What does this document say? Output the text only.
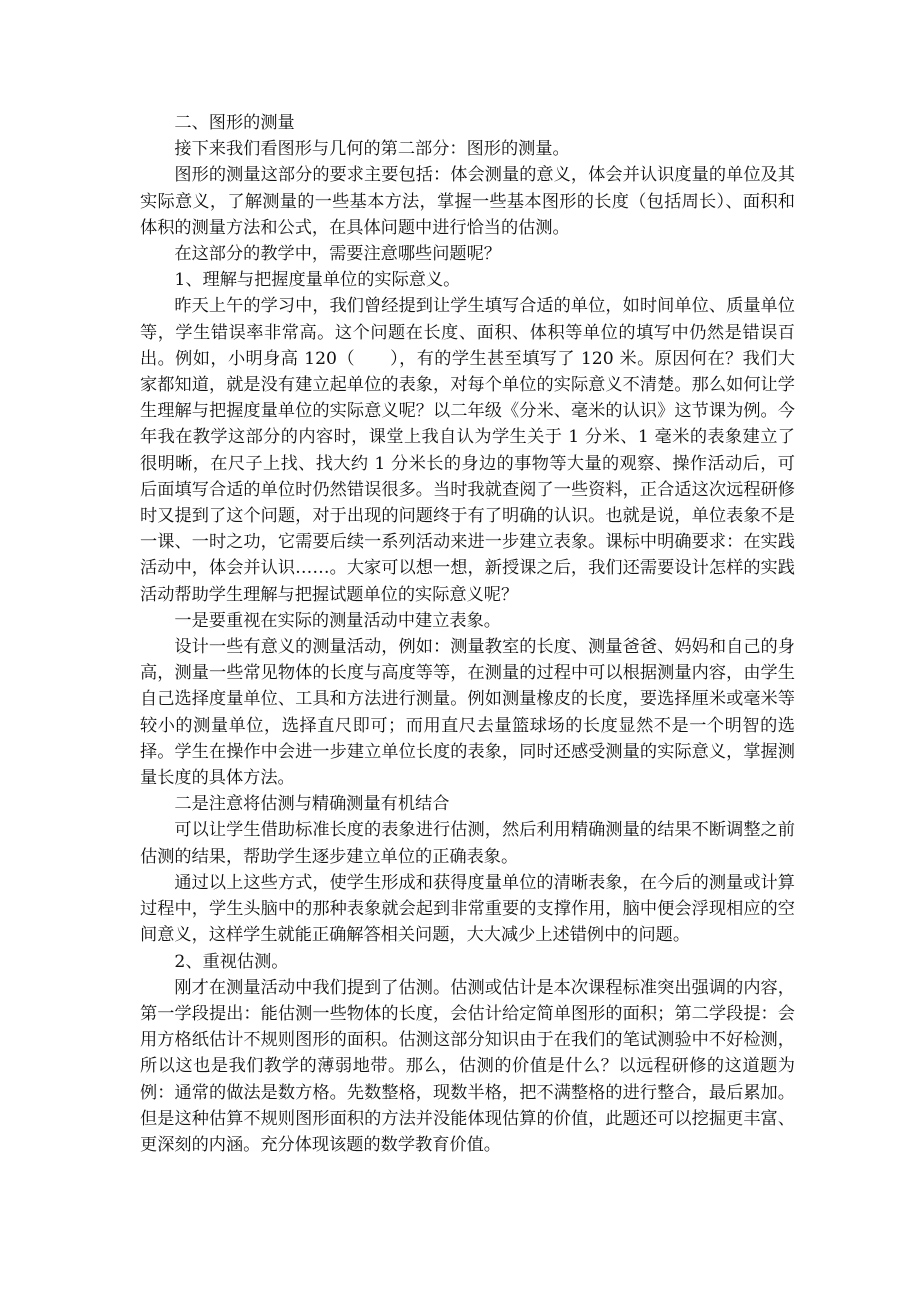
二、图形的测量

接下来我们看图形与几何的第二部分：图形的测量。

图形的测量这部分的要求主要包括：体会测量的意义，体会并认识度量的单位及其实际意义，了解测量的一些基本方法，掌握一些基本图形的长度（包括周长）、面积和体积的测量方法和公式，在具体问题中进行恰当的估测。

在这部分的教学中，需要注意哪些问题呢？

1、理解与把握度量单位的实际意义。

昨天上午的学习中，我们曾经提到让学生填写合适的单位，如时间单位、质量单位等，学生错误率非常高。这个问题在长度、面积、体积等单位的填写中仍然是错误百出。例如，小明身高 120（　　），有的学生甚至填写了 120 米。原因何在？我们大家都知道，就是没有建立起单位的表象，对每个单位的实际意义不清楚。那么如何让学生理解与把握度量单位的实际意义呢？以二年级《分米、毫米的认识》这节课为例。今年我在教学这部分的内容时，课堂上我自认为学生关于 1 分米、1 毫米的表象建立了很明晰，在尺子上找、找大约 1 分米长的身边的事物等大量的观察、操作活动后，可后面填写合适的单位时仍然错误很多。当时我就查阅了一些资料，正合适这次远程研修时又提到了这个问题，对于出现的问题终于有了明确的认识。也就是说，单位表象不是一课、一时之功，它需要后续一系列活动来进一步建立表象。课标中明确要求：在实践活动中，体会并认识……。大家可以想一想，新授课之后，我们还需要设计怎样的实践活动帮助学生理解与把握试题单位的实际意义呢？

一是要重视在实际的测量活动中建立表象。

设计一些有意义的测量活动，例如：测量教室的长度、测量爸爸、妈妈和自己的身高，测量一些常见物体的长度与高度等等，在测量的过程中可以根据测量内容，由学生自己选择度量单位、工具和方法进行测量。例如测量橡皮的长度，要选择厘米或毫米等较小的测量单位，选择直尺即可；而用直尺去量篮球场的长度显然不是一个明智的选择。学生在操作中会进一步建立单位长度的表象，同时还感受测量的实际意义，掌握测量长度的具体方法。

二是注意将估测与精确测量有机结合

可以让学生借助标准长度的表象进行估测，然后利用精确测量的结果不断调整之前估测的结果，帮助学生逐步建立单位的正确表象。

通过以上这些方式，使学生形成和获得度量单位的清晰表象，在今后的测量或计算过程中，学生头脑中的那种表象就会起到非常重要的支撑作用，脑中便会浮现相应的空间意义，这样学生就能正确解答相关问题，大大减少上述错例中的问题。

2、重视估测。

刚才在测量活动中我们提到了估测。估测或估计是本次课程标准突出强调的内容，第一学段提出：能估测一些物体的长度，会估计给定简单图形的面积；第二学段提：会用方格纸估计不规则图形的面积。估测这部分知识由于在我们的笔试测验中不好检测，所以这也是我们教学的薄弱地带。那么，估测的价值是什么？以远程研修的这道题为例：通常的做法是数方格。先数整格，现数半格，把不满整格的进行整合，最后累加。但是这种估算不规则图形面积的方法并没能体现估算的价值，此题还可以挖掘更丰富、更深刻的内涵。充分体现该题的数学教育价值。
